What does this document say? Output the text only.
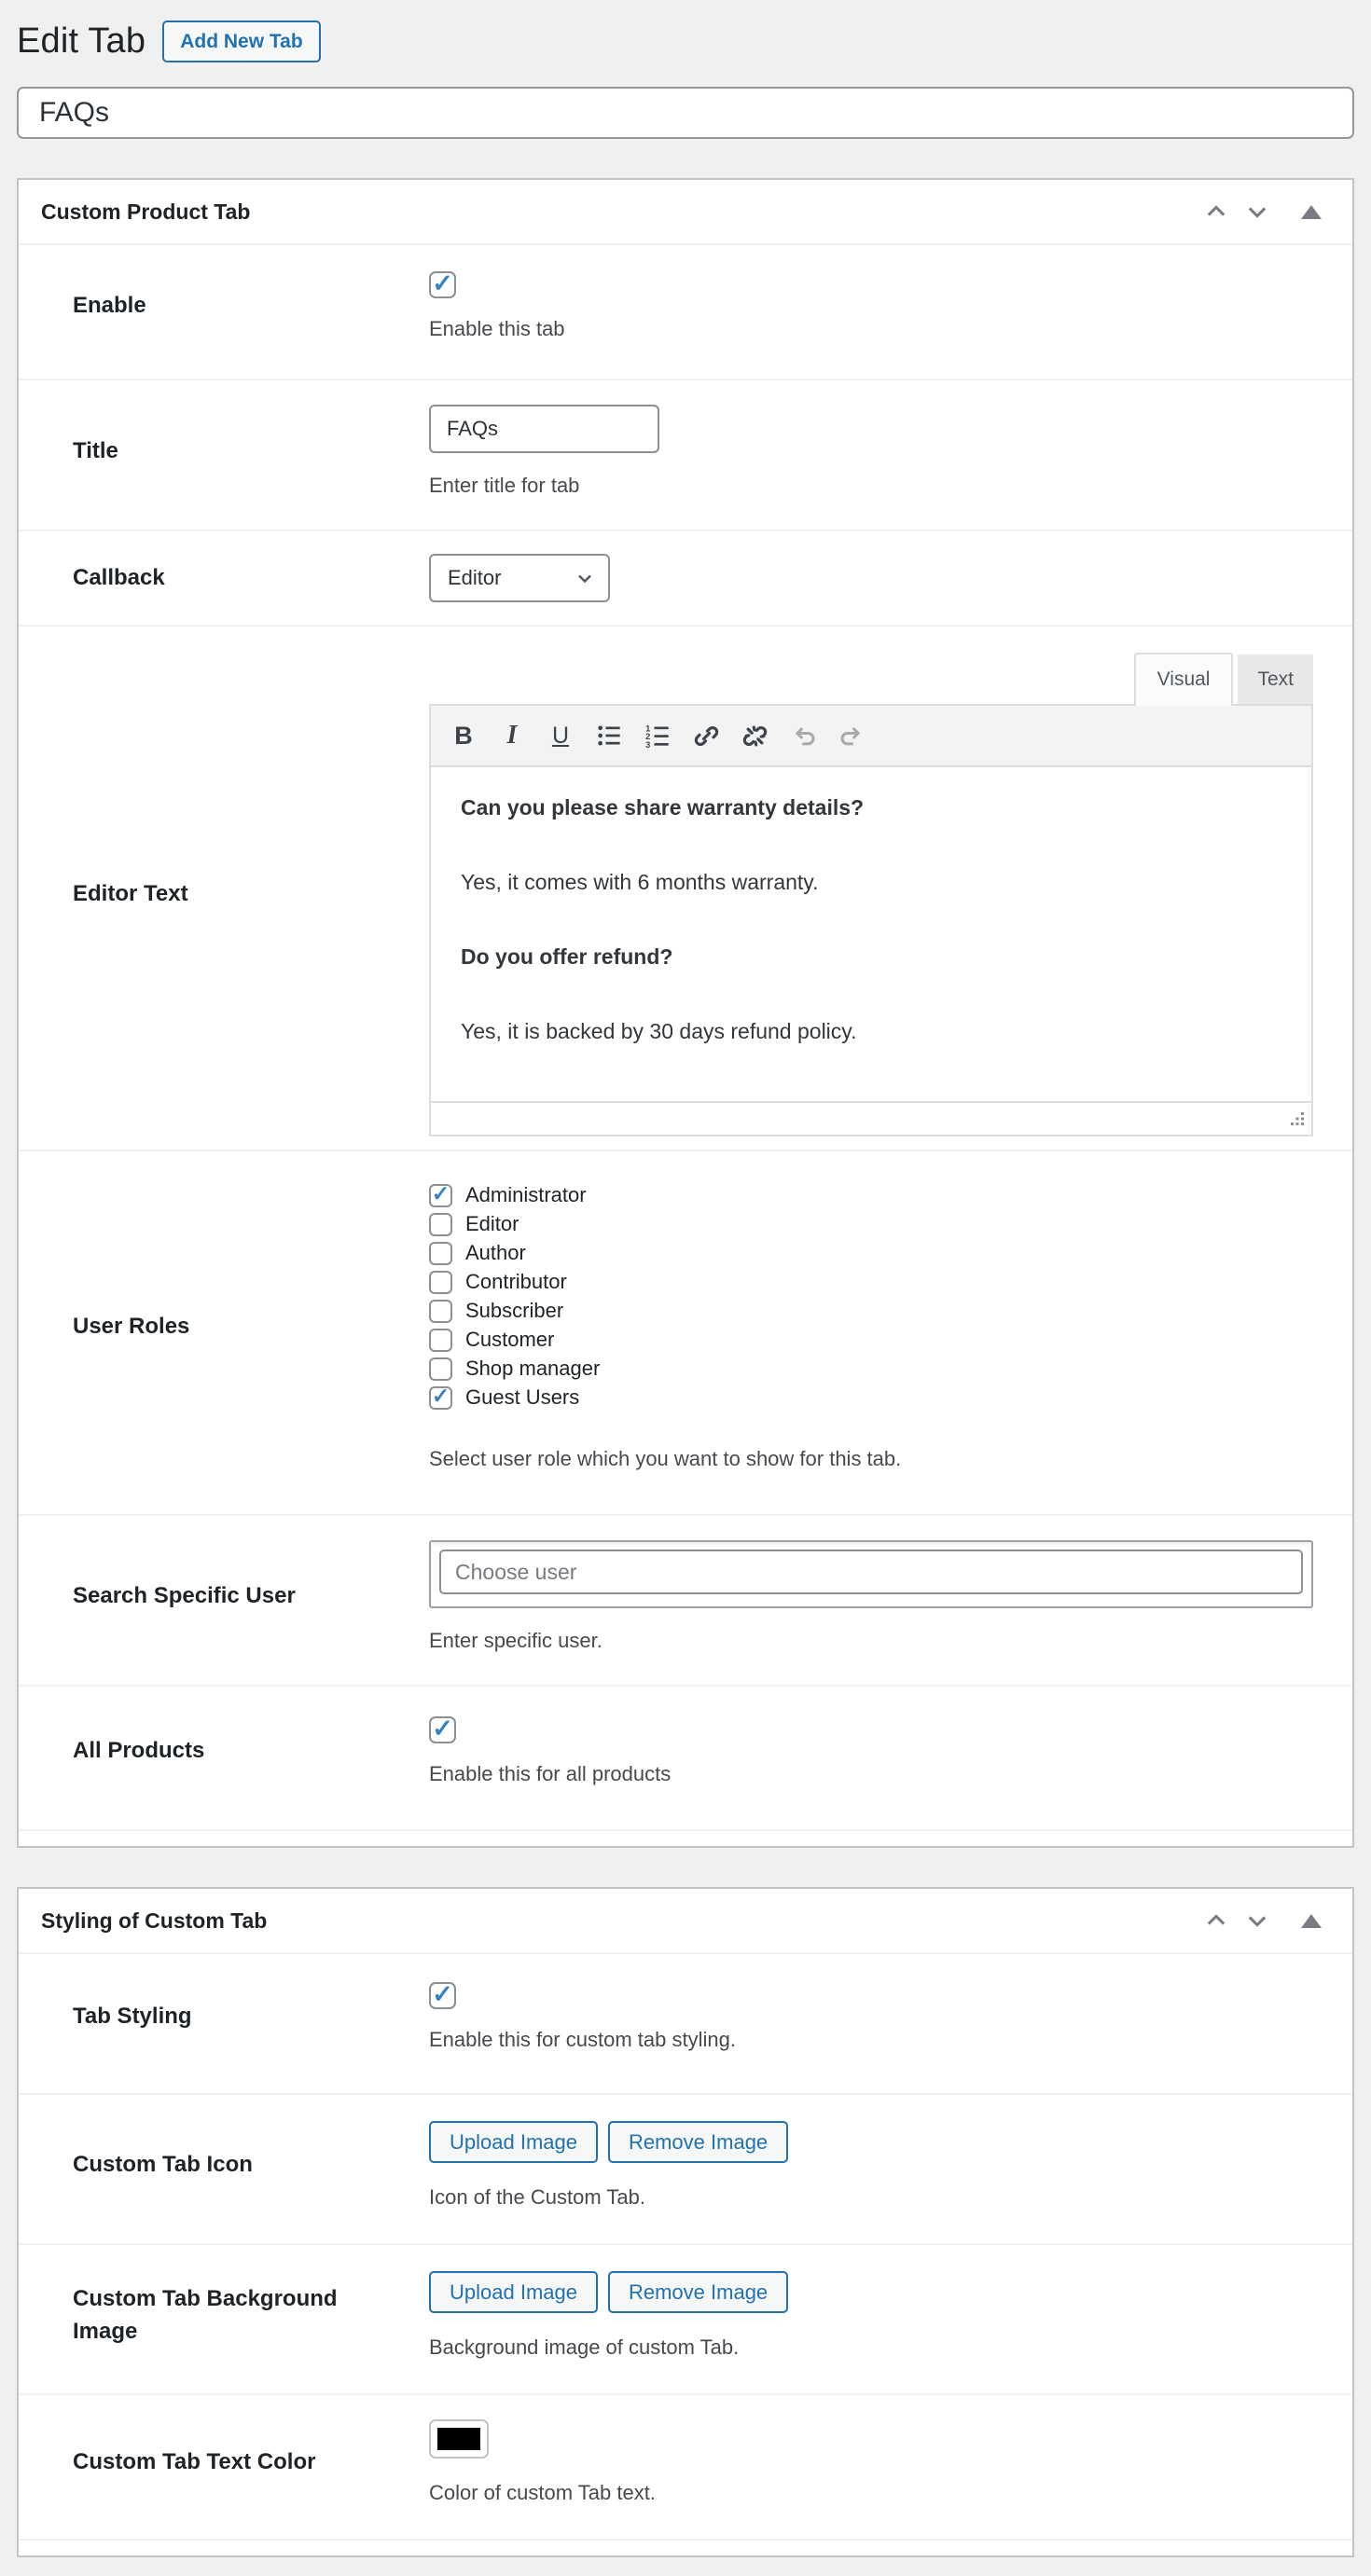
Edit Tab	Add New Tab
FAQs
Custom Product Tab
Enable
✓
Enable this tab
Title
FAQs
Enter title for tab
Callback	Editor
Editor Text
Visual	Text
B I U	1
2
3

Can you please share warranty details?

Yes, it comes with 6 months warranty.

Do you offer refund?

Yes, it is backed by 30 days refund policy.

User Roles
✓
Administrator
Editor
Author
Contributor
Subscriber
Customer
Shop manager
✓
Guest Users
Select user role which you want to show for this tab.
Search Specific User
Choose user
Enter specific user.
All Products
✓
Enable this for all products
Styling of Custom Tab
Tab Styling
✓
Enable this for custom tab styling.
Custom Tab Icon
Upload Image	Remove Image
Icon of the Custom Tab.
Custom Tab Background Image
Upload Image	Remove Image
Background image of custom Tab.
Custom Tab Text Color
Color of custom Tab text.
